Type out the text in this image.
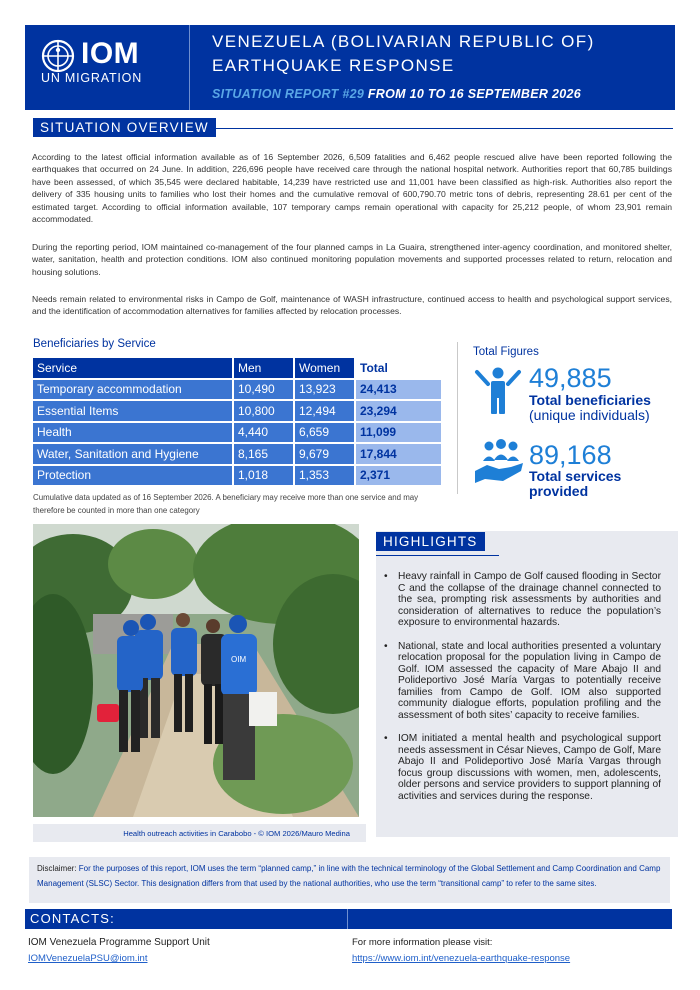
IOM
UN MIGRATION
VENEZUELA (BOLIVARIAN REPUBLIC OF)
EARTHQUAKE RESPONSE
SITUATION REPORT #29 FROM 10 TO 16 SEPTEMBER 2026
SITUATION OVERVIEW
According to the latest official information available as of 16 September 2026, 6,509 fatalities and 6,462 people rescued alive have been reported following the earthquakes that occurred on 24 June. In addition, 226,696 people have received care through the national hospital network. Authorities report that 60,785 buildings have been assessed, of which 35,545 were declared habitable, 14,239 have restricted use and 11,001 have been classified as high-risk. Authorities also report the delivery of 335 housing units to families who lost their homes and the cumulative removal of 600,790.70 metric tons of debris, representing 28.61 per cent of the estimated target. According to official information available, 107 temporary camps remain operational with capacity for 25,212 people, of whom 23,901 remain accommodated.
During the reporting period, IOM maintained co-management of the four planned camps in La Guaira, strengthened inter-agency coordination, and monitored shelter, water, sanitation, health and protection conditions. IOM also continued monitoring population movements and supported processes related to return, relocation and housing solutions.
Needs remain related to environmental risks in Campo de Golf, maintenance of WASH infrastructure, continued access to health and psychological support services, and the identification of accommodation alternatives for families affected by relocation processes.
Beneficiaries by Service
Service	Men	Women	Total
Temporary accommodation	10,490	13,923	24,413
Essential Items	10,800	12,494	23,294
Health	4,440	6,659	11,099
Water, Sanitation and Hygiene	8,165	9,679	17,844
Protection	1,018	1,353	2,371
Cumulative data updated as of 16 September 2026. A beneficiary may receive more than one service and may therefore be counted in more than one category
Total Figures
49,885
Total beneficiaries
(unique individuals)
89,168
Total services
provided
OIM
Health outreach activities in Carabobo - © IOM 2026/Mauro Medina
HIGHLIGHTS
• Heavy rainfall in Campo de Golf caused flooding in Sector C and the collapse of the drainage channel connected to the sea, prompting risk assessments by authorities and consideration of alternatives to reduce the population’s exposure to environmental hazards.
• National, state and local authorities presented a voluntary relocation proposal for the population living in Campo de Golf. IOM assessed the capacity of Mare Abajo II and Polideportivo José María Vargas to potentially receive families from Campo de Golf. IOM also supported community dialogue efforts, population profiling and the assessment of both sites’ capacity to receive families.
• IOM initiated a mental health and psychological support needs assessment in César Nieves, Campo de Golf, Mare Abajo II and Polideportivo José María Vargas through focus group discussions with women, men, adolescents, older persons and service providers to support planning of activities and services during the response.
Disclaimer: For the purposes of this report, IOM uses the term “planned camp,” in line with the technical terminology of the Global Settlement and Camp Coordination and Camp Management (SLSC) Sector. This designation differs from that used by the national authorities, who use the term “transitional camp” to refer to the same sites.
CONTACTS:
IOM Venezuela Programme Support Unit
IOMVenezuelaPSU@iom.int
For more information please visit:
https://www.iom.int/venezuela-earthquake-response
